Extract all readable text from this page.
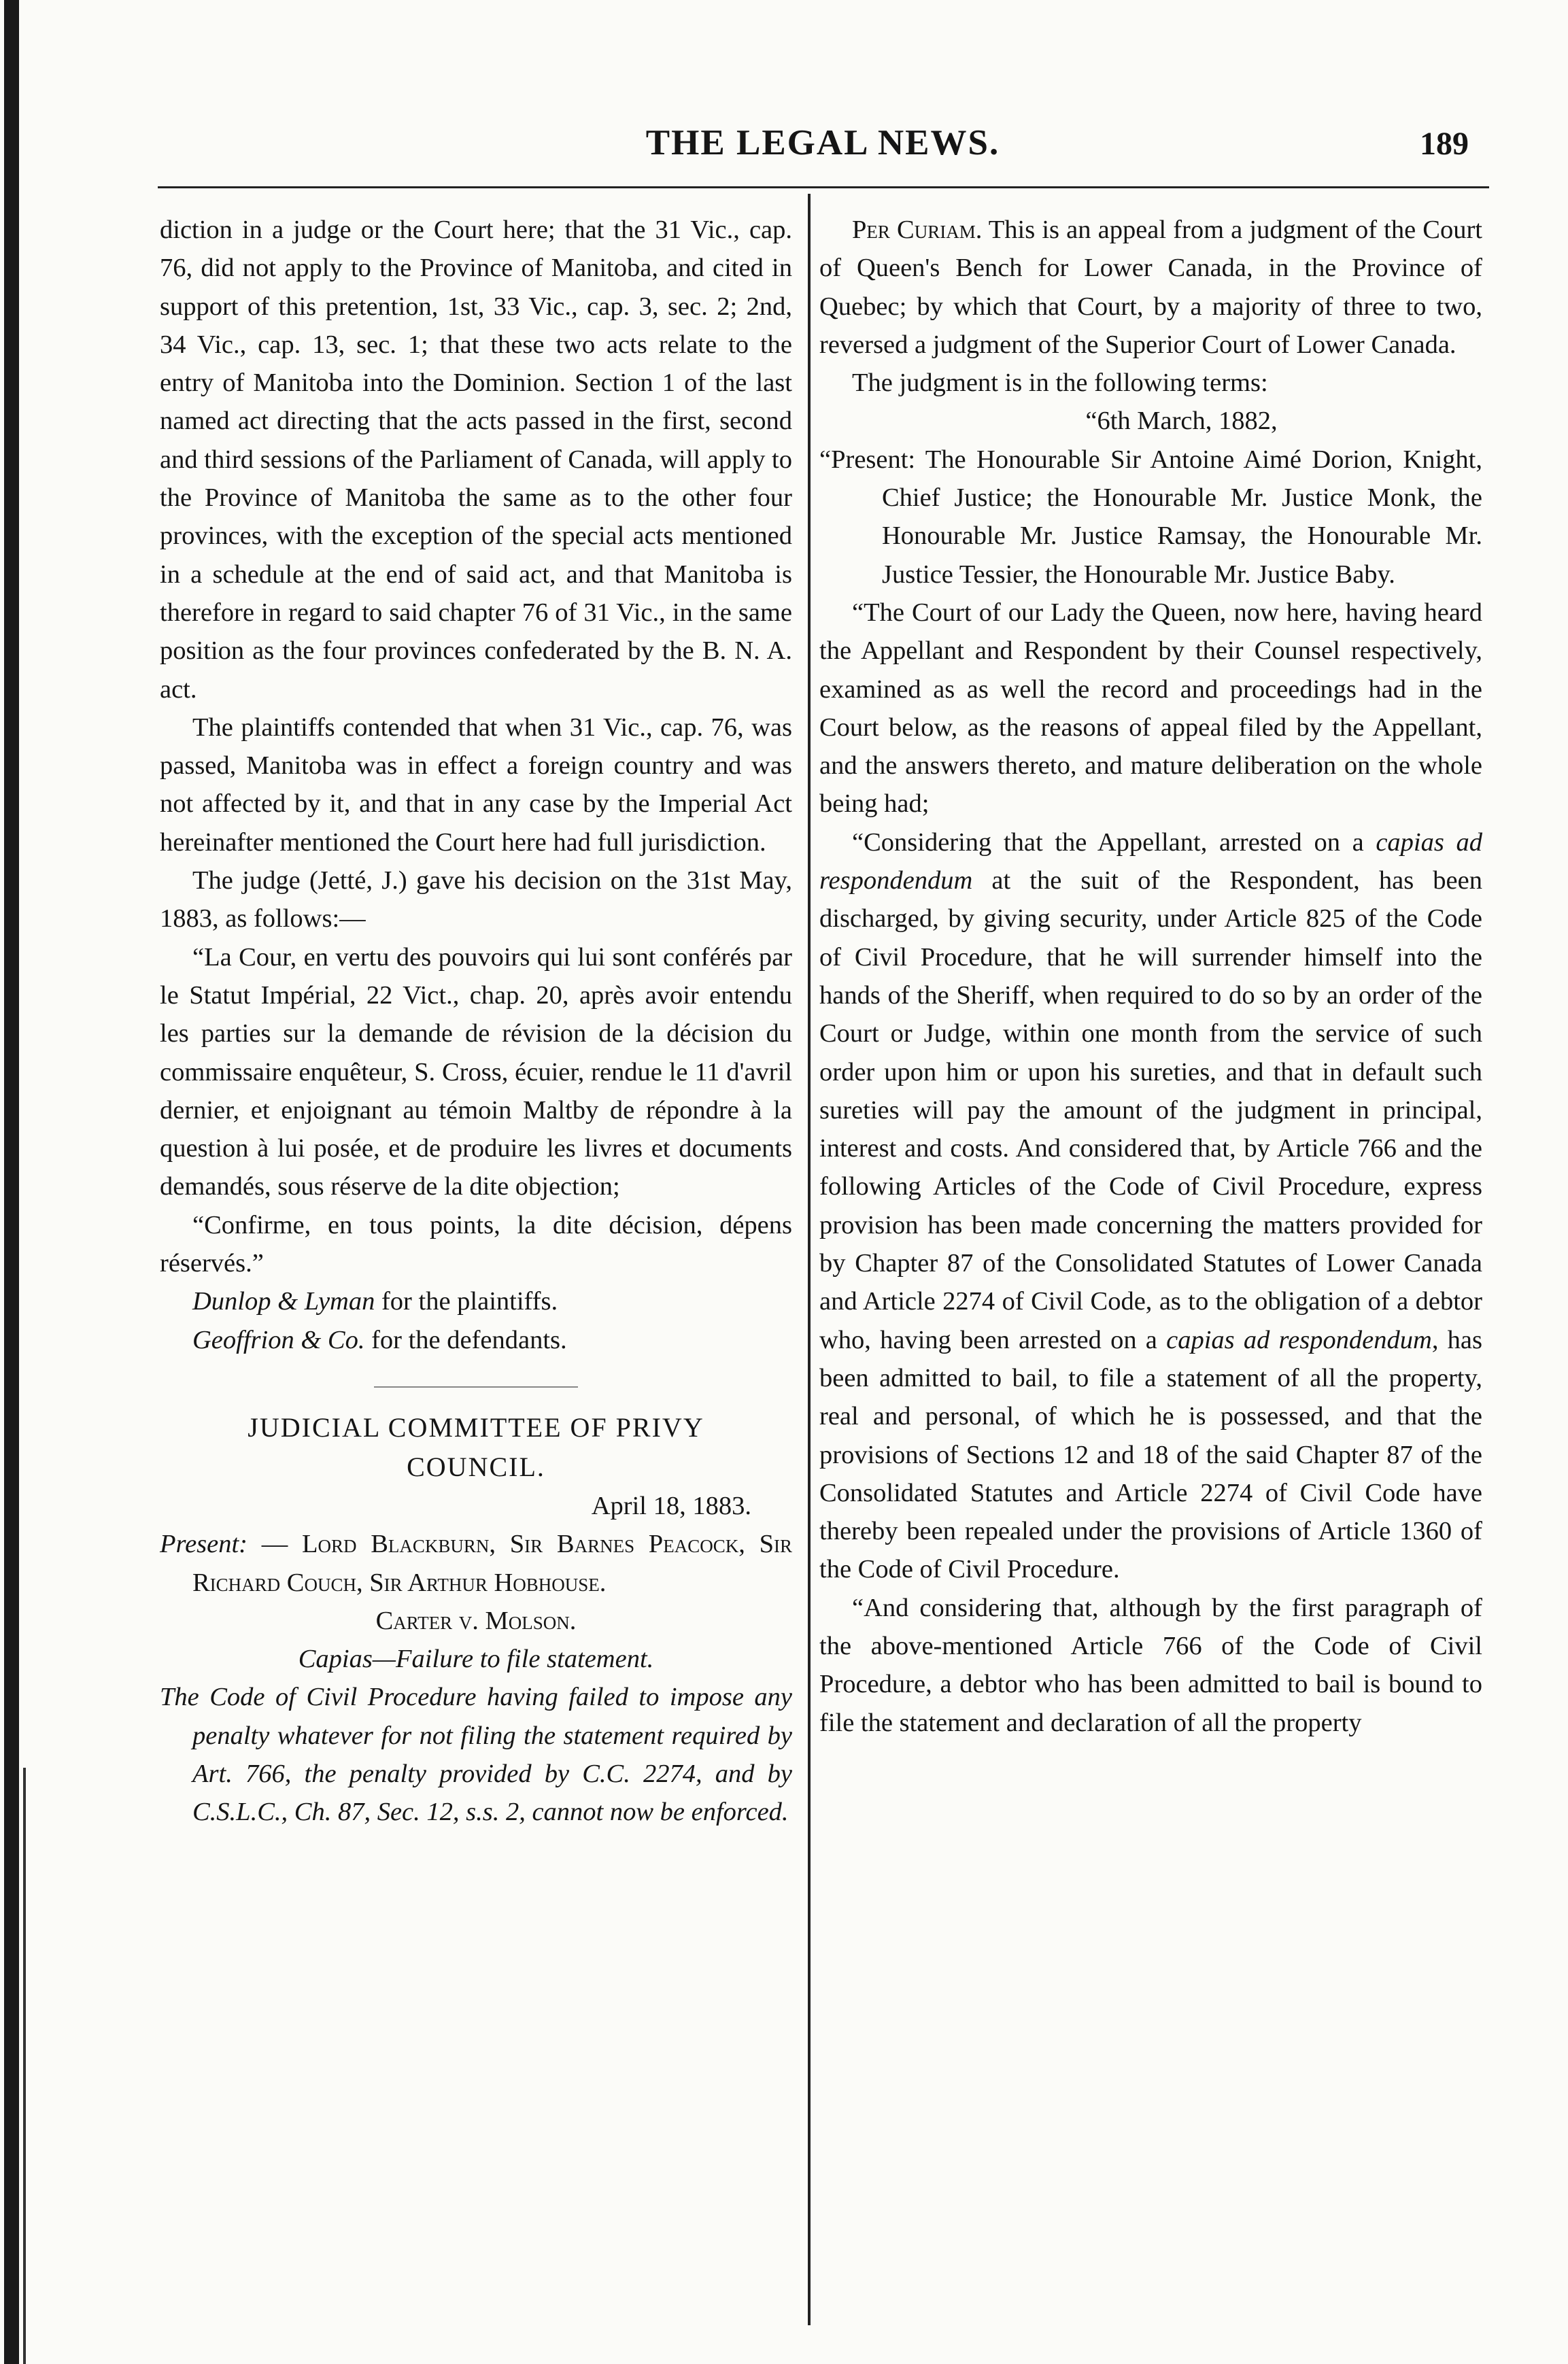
THE LEGAL NEWS.	189

diction in a judge or the Court here; that the 31 Vic., cap. 76, did not apply to the Province of Manitoba, and cited in support of this pretention, 1st, 33 Vic., cap. 3, sec. 2; 2nd, 34 Vic., cap. 13, sec. 1; that these two acts relate to the entry of Manitoba into the Dominion. Section 1 of the last named act directing that the acts passed in the first, second and third sessions of the Parliament of Canada, will apply to the Province of Manitoba the same as to the other four provinces, with the exception of the special acts mentioned in a schedule at the end of said act, and that Manitoba is therefore in regard to said chapter 76 of 31 Vic., in the same position as the four provinces confederated by the B. N. A. act.

The plaintiffs contended that when 31 Vic., cap. 76, was passed, Manitoba was in effect a foreign country and was not affected by it, and that in any case by the Imperial Act hereinafter mentioned the Court here had full jurisdiction.

The judge (Jetté, J.) gave his decision on the 31st May, 1883, as follows:—

“La Cour, en vertu des pouvoirs qui lui sont conférés par le Statut Impérial, 22 Vict., chap. 20, après avoir entendu les parties sur la demande de révision de la décision du commissaire enquêteur, S. Cross, écuier, rendue le 11 d'avril dernier, et enjoignant au témoin Maltby de répondre à la question à lui posée, et de produire les livres et documents demandés, sous réserve de la dite objection;

“Confirme, en tous points, la dite décision, dépens réservés.”

Dunlop & Lyman for the plaintiffs.

Geoffrion & Co. for the defendants.

JUDICIAL COMMITTEE OF PRIVY
COUNCIL.

April 18, 1883.

Present: — Lord Blackburn, Sir Barnes Peacock, Sir Richard Couch, Sir Arthur Hobhouse.

Carter v. Molson.

Capias—Failure to file statement.

The Code of Civil Procedure having failed to impose any penalty whatever for not filing the statement required by Art. 766, the penalty provided by C.C. 2274, and by C.S.L.C., Ch. 87, Sec. 12, s.s. 2, cannot now be enforced.

Per Curiam. This is an appeal from a judgment of the Court of Queen's Bench for Lower Canada, in the Province of Quebec; by which that Court, by a majority of three to two, reversed a judgment of the Superior Court of Lower Canada.

The judgment is in the following terms:

“6th March, 1882,

“Present: The Honourable Sir Antoine Aimé Dorion, Knight, Chief Justice; the Honourable Mr. Justice Monk, the Honourable Mr. Justice Ramsay, the Honourable Mr. Justice Tessier, the Honourable Mr. Justice Baby.

“The Court of our Lady the Queen, now here, having heard the Appellant and Respondent by their Counsel respectively, examined as as well the record and proceedings had in the Court below, as the reasons of appeal filed by the Appellant, and the answers thereto, and mature deliberation on the whole being had;

“Considering that the Appellant, arrested on a capias ad respondendum at the suit of the Respondent, has been discharged, by giving security, under Article 825 of the Code of Civil Procedure, that he will surrender himself into the hands of the Sheriff, when required to do so by an order of the Court or Judge, within one month from the service of such order upon him or upon his sureties, and that in default such sureties will pay the amount of the judgment in principal, interest and costs. And considered that, by Article 766 and the following Articles of the Code of Civil Procedure, express provision has been made concerning the matters provided for by Chapter 87 of the Consolidated Statutes of Lower Canada and Article 2274 of Civil Code, as to the obligation of a debtor who, having been arrested on a capias ad respondendum, has been admitted to bail, to file a statement of all the property, real and personal, of which he is possessed, and that the provisions of Sections 12 and 18 of the said Chapter 87 of the Consolidated Statutes and Article 2274 of Civil Code have thereby been repealed under the provisions of Article 1360 of the Code of Civil Procedure.

“And considering that, although by the first paragraph of the above-mentioned Article 766 of the Code of Civil Procedure, a debtor who has been admitted to bail is bound to file the statement and declaration of all the property
